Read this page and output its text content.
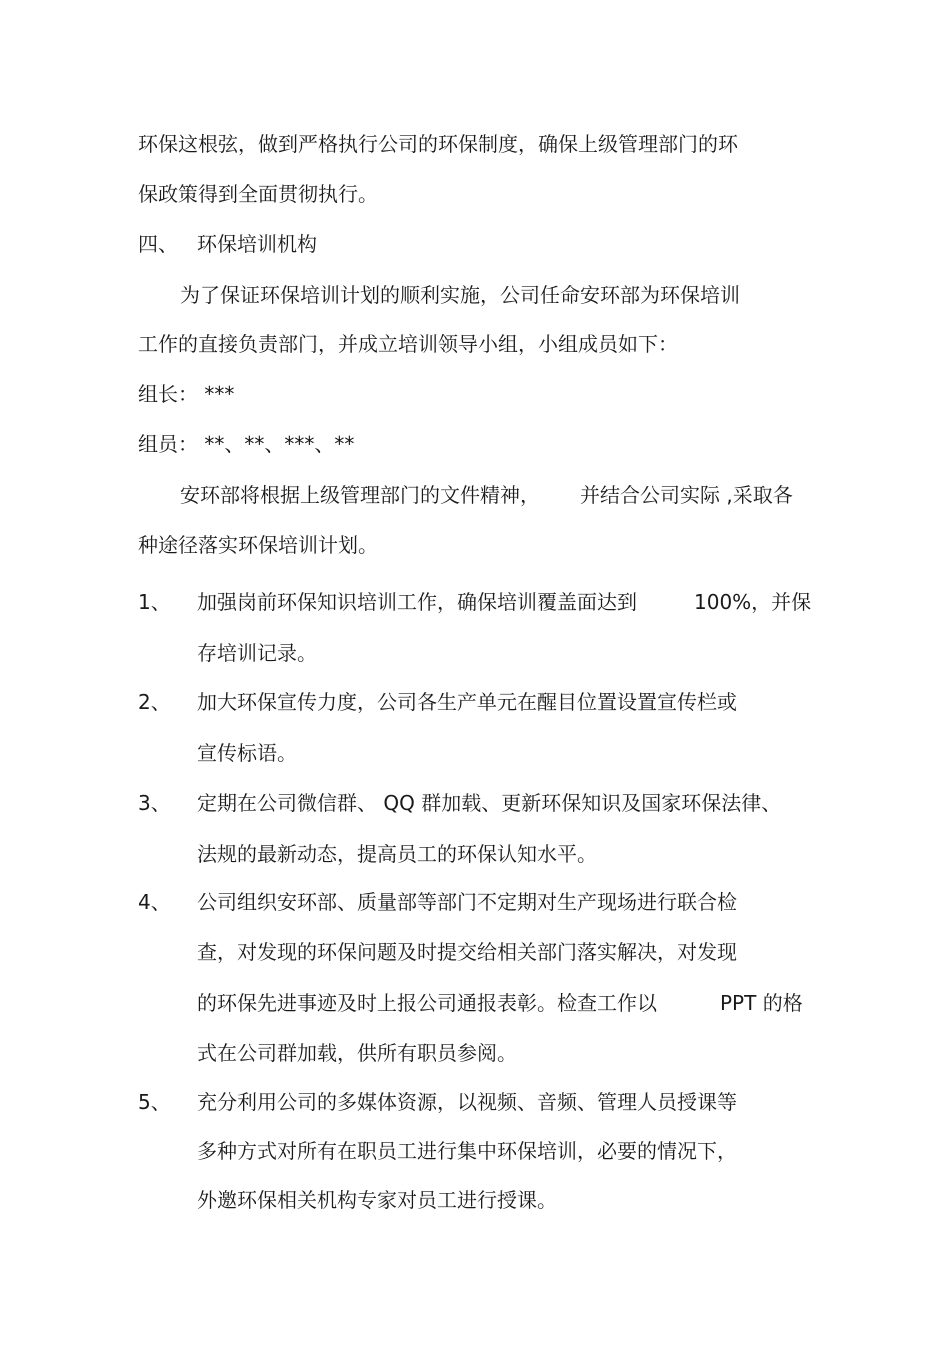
环保这根弦，做到严格执行公司的环保制度，确保上级管理部门的环
保政策得到全面贯彻执行。
四、 环保培训机构
为了保证环保培训计划的顺利实施，公司任命安环部为环保培训
工作的直接负责部门，并成立培训领导小组，小组成员如下：
组长： ***
组员： **、**、***、**
安环部将根据上级管理部门的文件精神， 并结合公司实际 ,采取各
种途径落实环保培训计划。
1、 加强岗前环保知识培训工作，确保培训覆盖面达到	100%，并保
存培训记录。
2、 加大环保宣传力度，公司各生产单元在醒目位置设置宣传栏或
宣传标语。
3、 定期在公司微信群、 QQ 群加载、更新环保知识及国家环保法律、
法规的最新动态，提高员工的环保认知水平。
4、 公司组织安环部、质量部等部门不定期对生产现场进行联合检
查，对发现的环保问题及时提交给相关部门落实解决，对发现
的环保先进事迹及时上报公司通报表彰。检查工作以	PPT 的格
式在公司群加载，供所有职员参阅。
5、 充分利用公司的多媒体资源，以视频、音频、管理人员授课等
多种方式对所有在职员工进行集中环保培训，必要的情况下，
外邀环保相关机构专家对员工进行授课。
